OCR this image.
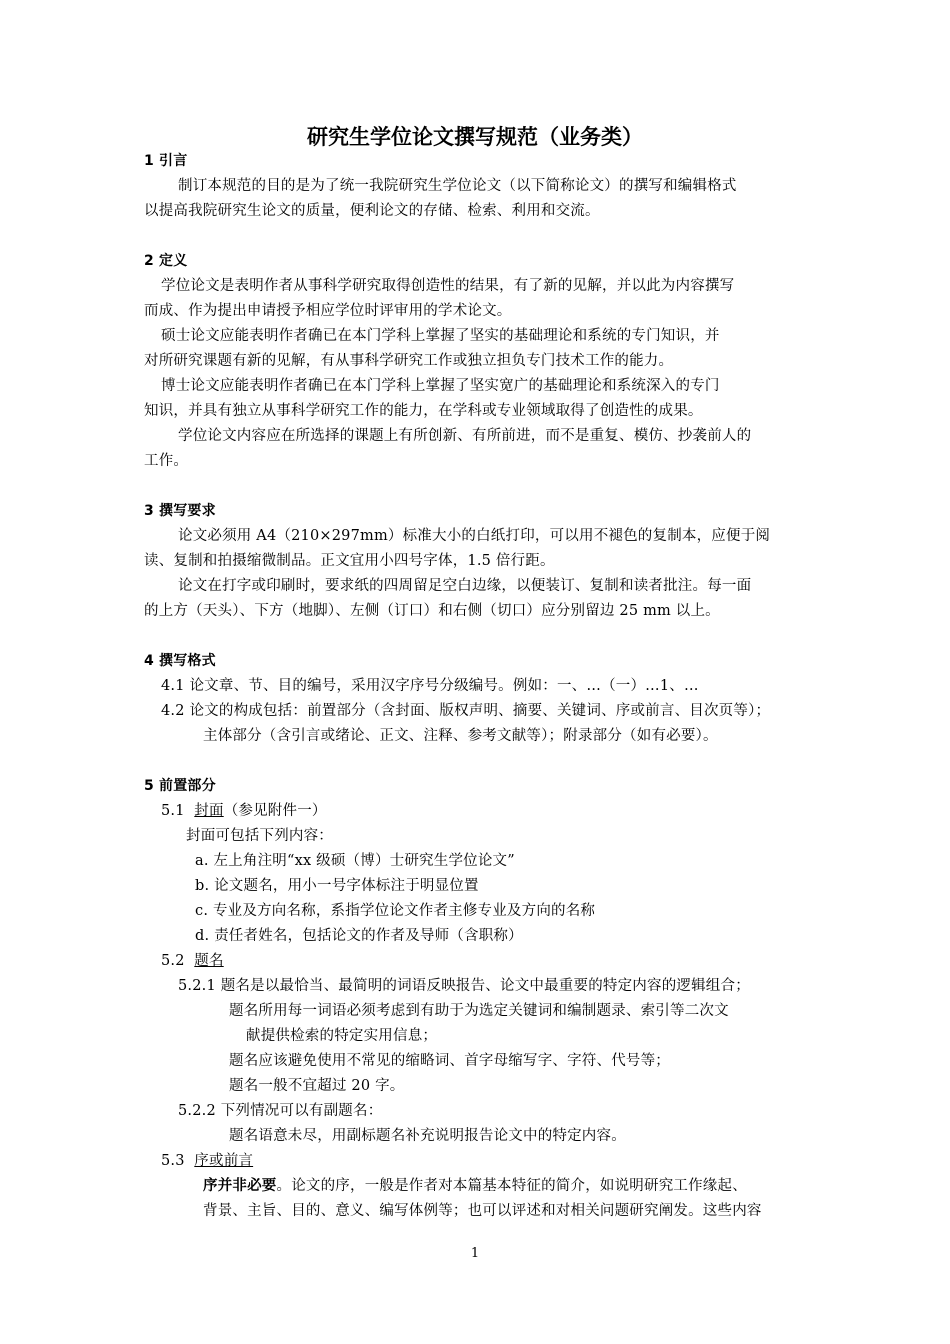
研究生学位论文撰写规范（业务类）
1 引言
制订本规范的目的是为了统一我院研究生学位论文（以下简称论文）的撰写和编辑格式
以提高我院研究生论文的质量，便利论文的存储、检索、利用和交流。
2 定义
学位论文是表明作者从事科学研究取得创造性的结果，有了新的见解，并以此为内容撰写
而成、作为提出申请授予相应学位时评审用的学术论文。
硕士论文应能表明作者确已在本门学科上掌握了坚实的基础理论和系统的专门知识，并
对所研究课题有新的见解，有从事科学研究工作或独立担负专门技术工作的能力。
博士论文应能表明作者确已在本门学科上掌握了坚实宽广的基础理论和系统深入的专门
知识，并具有独立从事科学研究工作的能力，在学科或专业领域取得了创造性的成果。
学位论文内容应在所选择的课题上有所创新、有所前进，而不是重复、模仿、抄袭前人的
工作。
3 撰写要求
论文必须用 A4（210×297mm）标准大小的白纸打印，可以用不褪色的复制本，应便于阅
读、复制和拍摄缩微制品。正文宜用小四号字体，1.5 倍行距。
论文在打字或印刷时，要求纸的四周留足空白边缘，以便装订、复制和读者批注。每一面
的上方（天头）、下方（地脚）、左侧（订口）和右侧（切口）应分别留边 25 mm 以上。
4 撰写格式
4.1 论文章、节、目的编号，采用汉字序号分级编号。例如：一、…（一）…1、…
4.2 论文的构成包括：前置部分（含封面、版权声明、摘要、关键词、序或前言、目次页等）；
主体部分（含引言或绪论、正文、注释、参考文献等）；附录部分（如有必要）。
5 前置部分
5.1 封面（参见附件一）
封面可包括下列内容：
a. 左上角注明“xx 级硕（博）士研究生学位论文”
b. 论文题名，用小一号字体标注于明显位置
c. 专业及方向名称，系指学位论文作者主修专业及方向的名称
d. 责任者姓名，包括论文的作者及导师（含职称）
5.2 题名
5.2.1 题名是以最恰当、最简明的词语反映报告、论文中最重要的特定内容的逻辑组合；
题名所用每一词语必须考虑到有助于为选定关键词和编制题录、索引等二次文
献提供检索的特定实用信息；
题名应该避免使用不常见的缩略词、首字母缩写字、字符、代号等；
题名一般不宜超过 20 字。
5.2.2 下列情况可以有副题名：
题名语意未尽，用副标题名补充说明报告论文中的特定内容。
5.3 序或前言
序并非必要。论文的序，一般是作者对本篇基本特征的简介，如说明研究工作缘起、
背景、主旨、目的、意义、编写体例等；也可以评述和对相关问题研究阐发。这些内容
1
